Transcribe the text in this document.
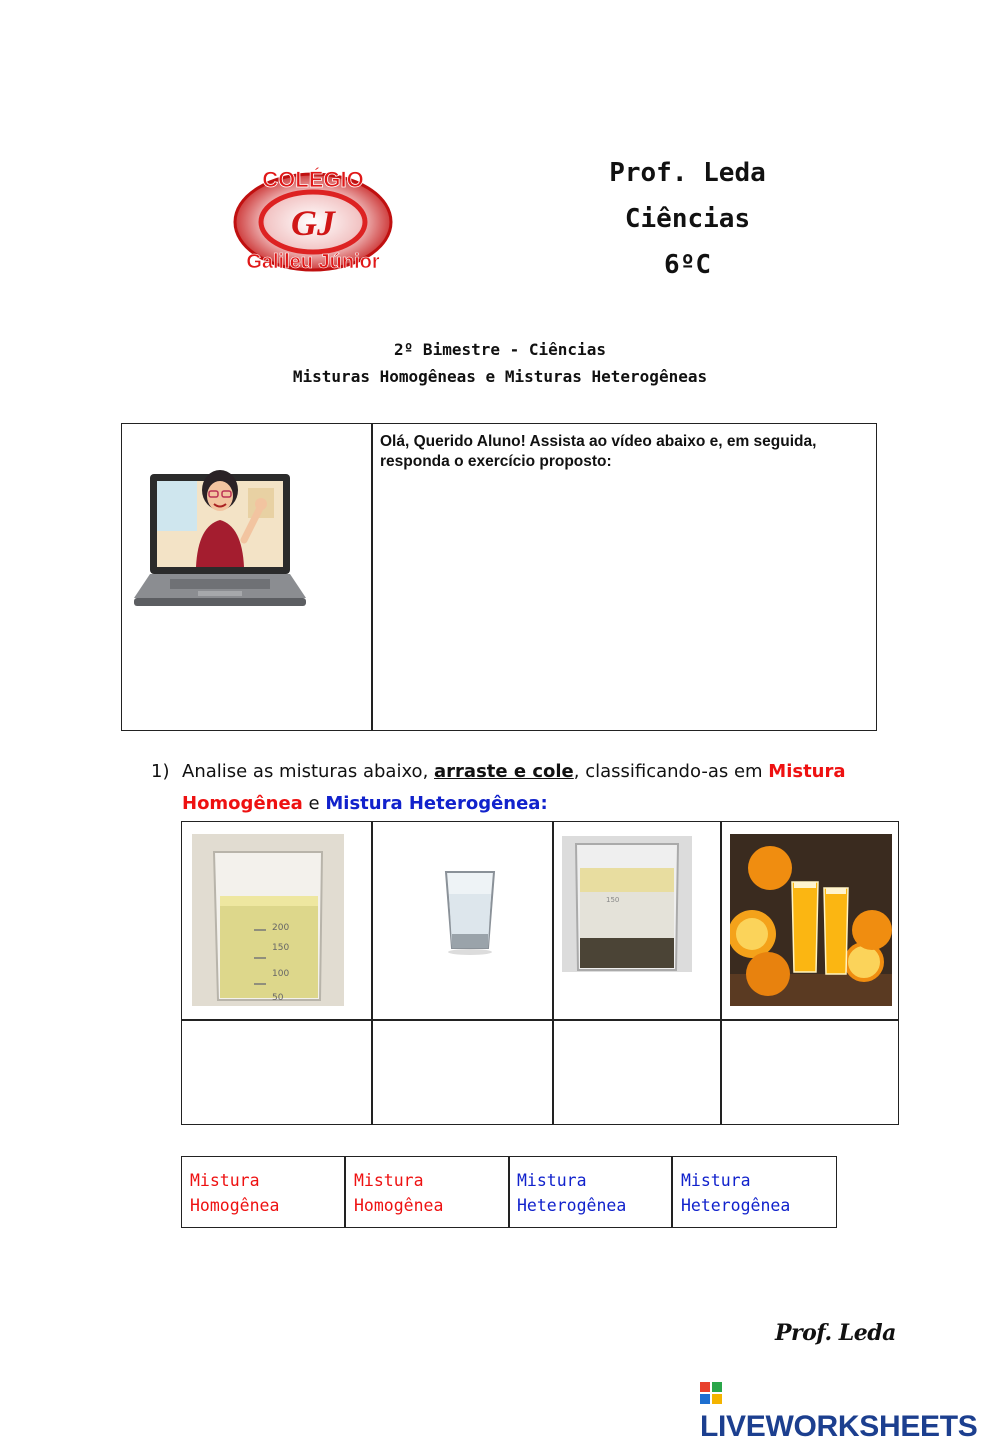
COLÉGIO
GJ
Galileu Júnior
Prof. Leda
Ciências
6ºC
2º Bimestre - Ciências
Misturas Homogêneas e Misturas Heterogêneas
Olá, Querido Aluno! Assista ao vídeo abaixo e, em seguida,
responda o exercício proposto:
1) Analise as misturas abaixo, arraste e cole, classificando-as em Mistura
Homogênea e Mistura Heterogênea:
200
150
100
50
150
Mistura
Homogênea
Mistura
Homogênea
Mistura
Heterogênea
Mistura
Heterogênea
Prof. Leda
LIVEWORKSHEETS
